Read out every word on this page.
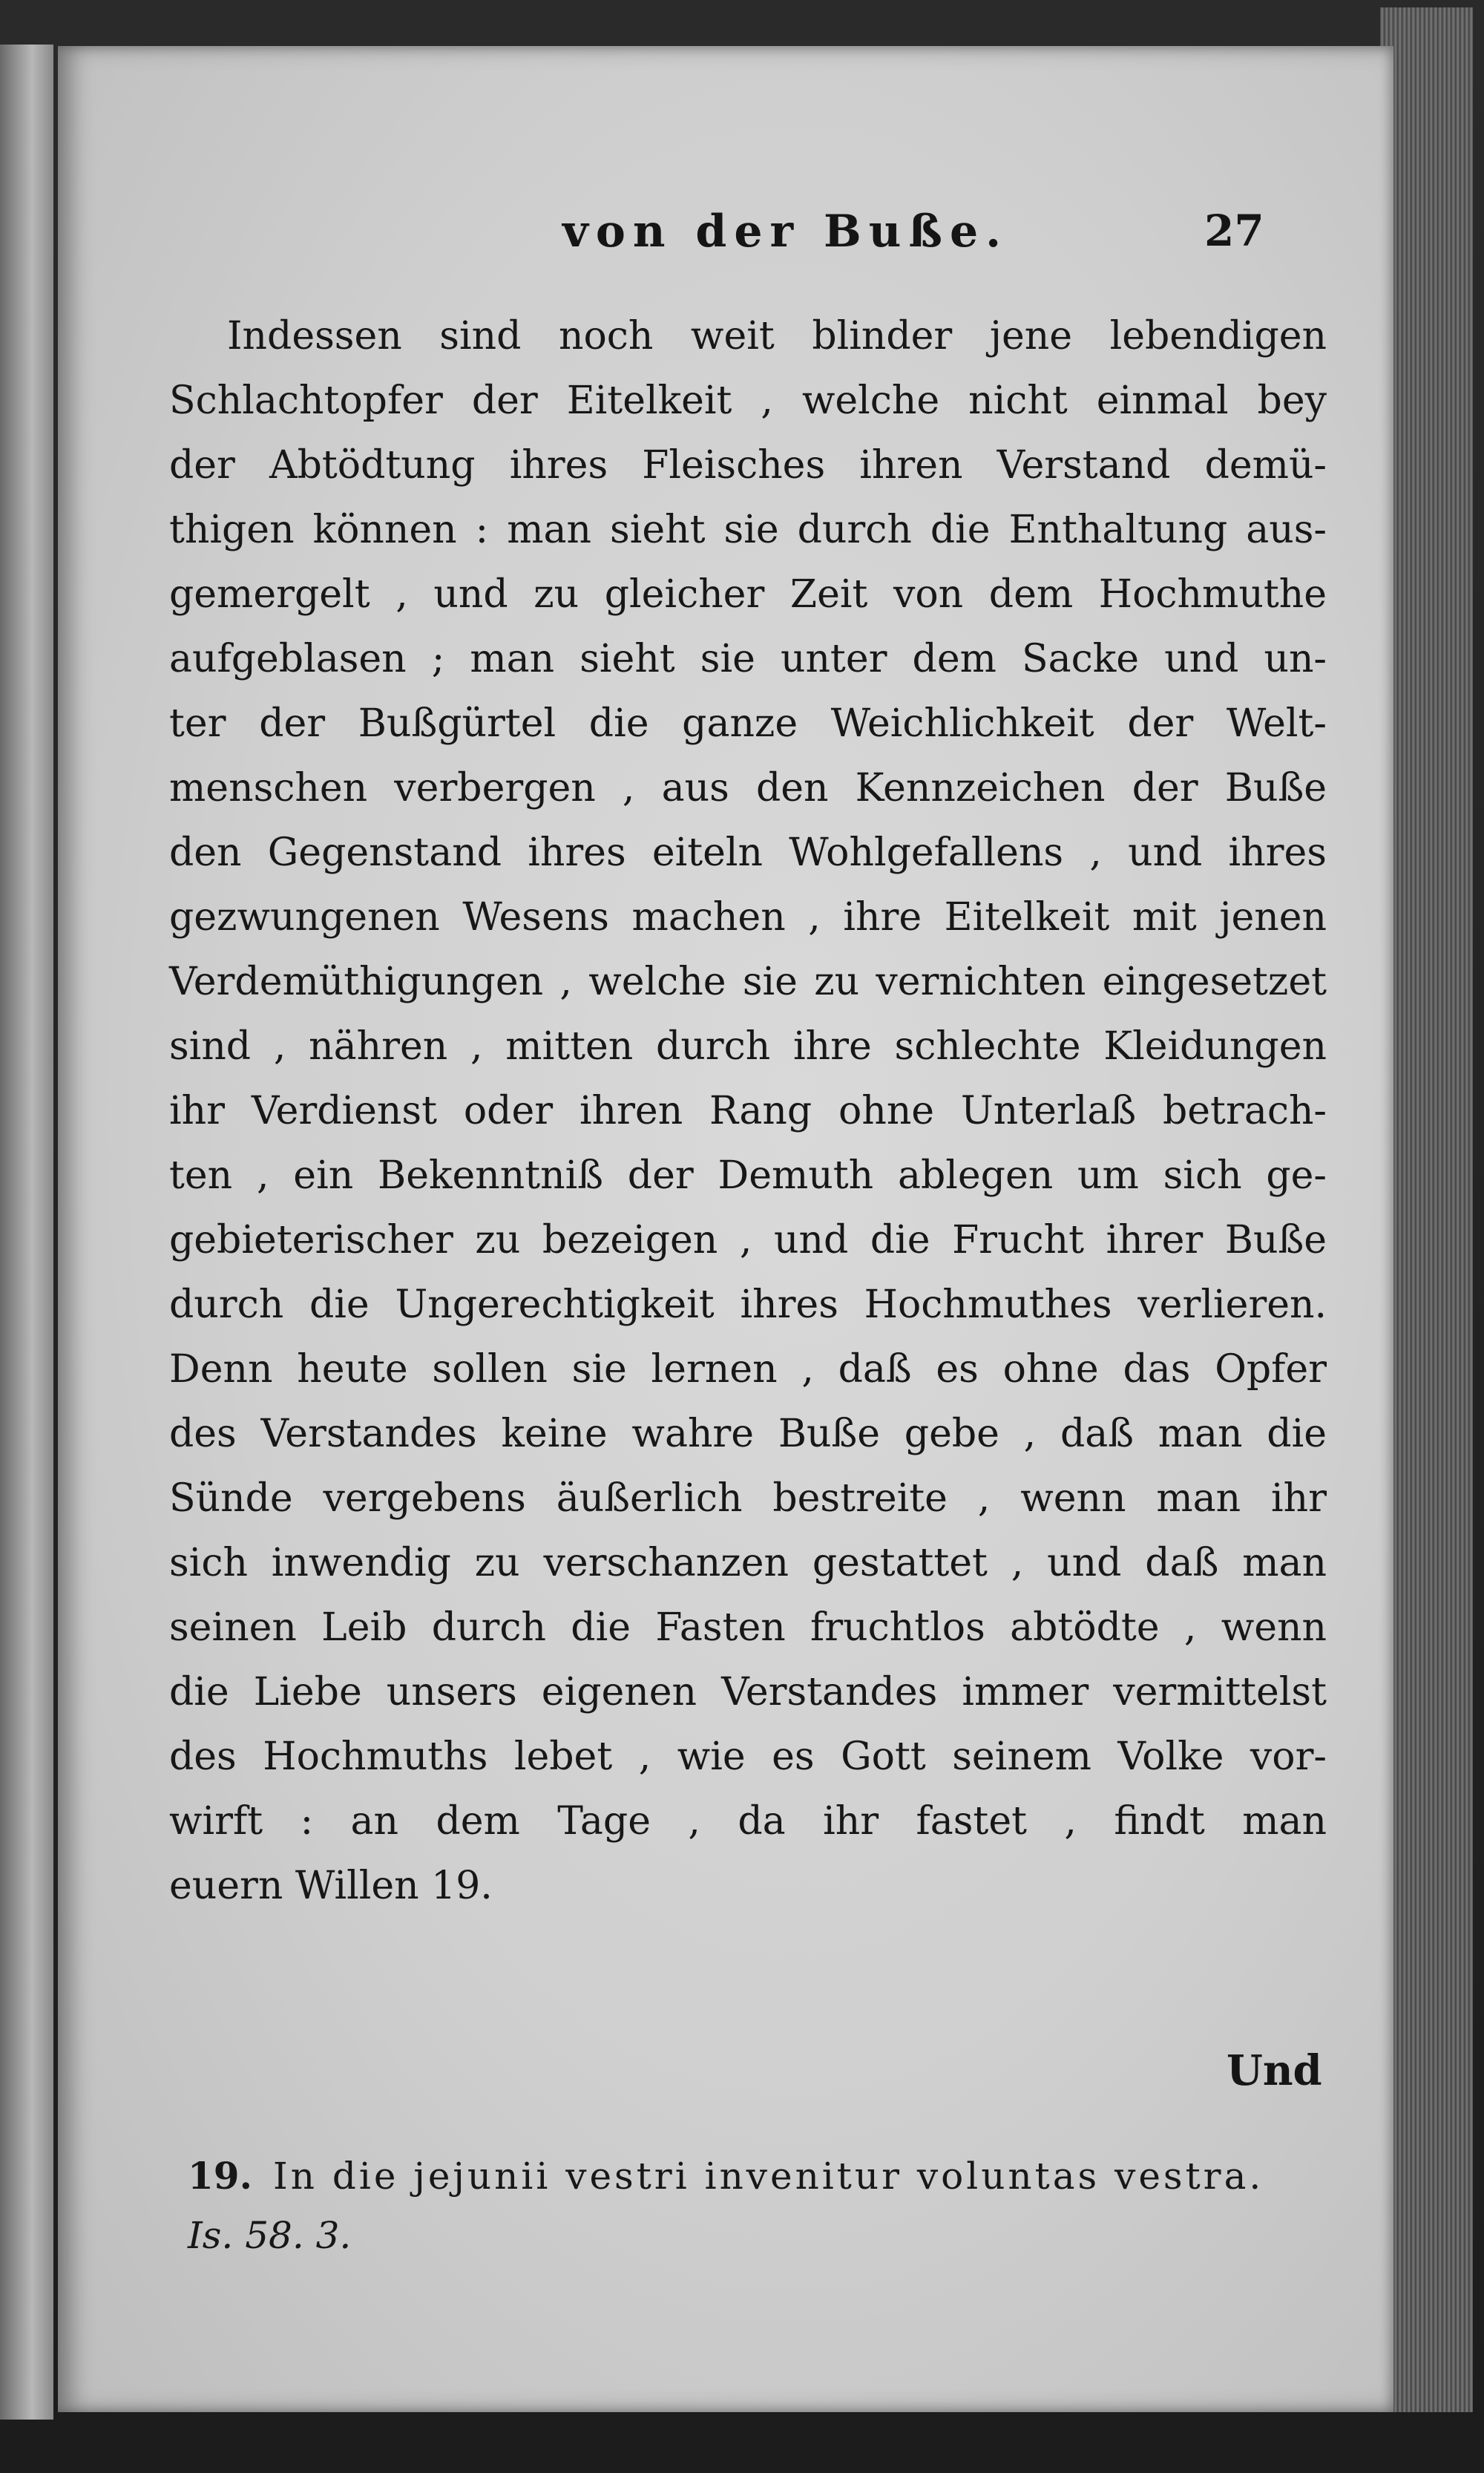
von der Buße.	27
Indessen sind noch weit blinder jene lebendigen
Schlachtopfer der Eitelkeit , welche nicht einmal bey
der Abtödtung ihres Fleisches ihren Verstand demü-
thigen können : man sieht sie durch die Enthaltung aus-
gemergelt , und zu gleicher Zeit von dem Hochmuthe
aufgeblasen ; man sieht sie unter dem Sacke und un-
ter der Bußgürtel die ganze Weichlichkeit der Welt-
menschen verbergen , aus den Kennzeichen der Buße
den Gegenstand ihres eiteln Wohlgefallens , und ihres
gezwungenen Wesens machen , ihre Eitelkeit mit jenen
Verdemüthigungen , welche sie zu vernichten eingesetzet
sind , nähren , mitten durch ihre schlechte Kleidungen
ihr Verdienst oder ihren Rang ohne Unterlaß betrach-
ten , ein Bekenntniß der Demuth ablegen um sich ge-
gebieterischer zu bezeigen , und die Frucht ihrer Buße
durch die Ungerechtigkeit ihres Hochmuthes verlieren.
Denn heute sollen sie lernen , daß es ohne das Opfer
des Verstandes keine wahre Buße gebe , daß man die
Sünde vergebens äußerlich bestreite , wenn man ihr
sich inwendig zu verschanzen gestattet , und daß man
seinen Leib durch die Fasten fruchtlos abtödte , wenn
die Liebe unsers eigenen Verstandes immer vermittelst
des Hochmuths lebet , wie es Gott seinem Volke vor-
wirft : an dem Tage , da ihr fastet , findt man
euern Willen 19.
Und
19. In die jejunii vestri invenitur voluntas vestra.
Is. 58. 3.
